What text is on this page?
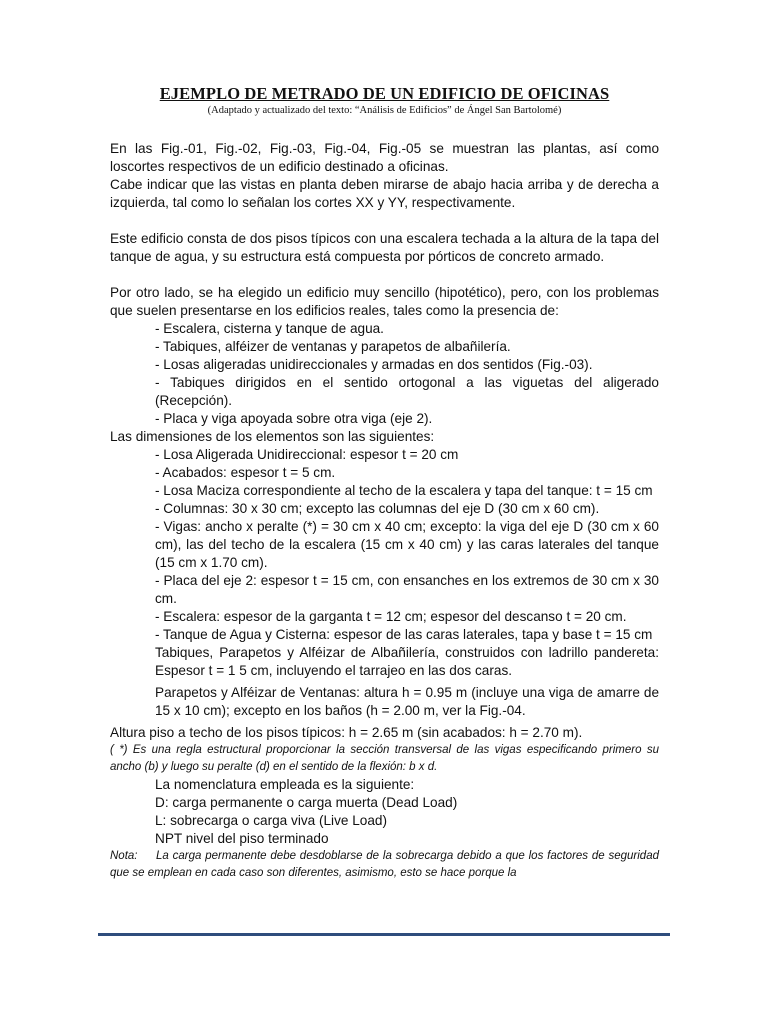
EJEMPLO DE METRADO DE UN EDIFICIO DE OFICINAS

(Adaptado y actualizado del texto: “Análisis de Edificios” de Ángel San Bartolomé)

En las Fig.-01, Fig.-02, Fig.-03, Fig.-04, Fig.-05 se muestran las plantas, así como loscortes respectivos de un edificio destinado a oficinas.

Cabe indicar que las vistas en planta deben mirarse de abajo hacia arriba y de derecha a izquierda, tal como lo señalan los cortes XX y YY, respectivamente.

Este edificio consta de dos pisos típicos con una escalera techada a la altura de la tapa del tanque de agua, y su estructura está compuesta por pórticos de concreto armado.

Por otro lado, se ha elegido un edificio muy sencillo (hipotético), pero, con los problemas que suelen presentarse en los edificios reales, tales como la presencia de:

- Escalera, cisterna y tanque de agua.

- Tabiques, alféizer de ventanas y parapetos de albañilería.

- Losas aligeradas unidireccionales y armadas en dos sentidos (Fig.-03).

- Tabiques dirigidos en el sentido ortogonal a las viguetas del aligerado (Recepción).

- Placa y viga apoyada sobre otra viga (eje 2).

Las dimensiones de los elementos son las siguientes:

- Losa Aligerada Unidireccional: espesor t = 20 cm

- Acabados: espesor t = 5 cm.

- Losa Maciza correspondiente al techo de la escalera y tapa del tanque: t = 15 cm

- Columnas: 30 x 30 cm; excepto las columnas del eje D (30 cm x 60 cm).

- Vigas: ancho x peralte (*) = 30 cm x 40 cm; excepto: la viga del eje D (30 cm x 60 cm), las del techo de la escalera (15 cm x 40 cm) y las caras laterales del tanque (15 cm x 1.70 cm).

- Placa del eje 2: espesor t = 15 cm, con ensanches en los extremos de 30 cm x 30 cm.

- Escalera: espesor de la garganta t = 12 cm; espesor del descanso t = 20 cm.

- Tanque de Agua y Cisterna: espesor de las caras laterales, tapa y base t = 15 cm

Tabiques, Parapetos y Alféizar de Albañilería, construidos con ladrillo pandereta: Espesor t = 1 5 cm, incluyendo el tarrajeo en las dos caras.

Parapetos y Alféizar de Ventanas: altura h = 0.95 m (incluye una viga de amarre de 15 x 10 cm); excepto en los baños (h = 2.00 m, ver la Fig.-04.

Altura piso a techo de los pisos típicos: h = 2.65 m (sin acabados: h = 2.70 m).

( *) Es una regla estructural proporcionar la sección transversal de las vigas especificando primero su ancho (b) y luego su peralte (d) en el sentido de la flexión: b x d.

La nomenclatura empleada es la siguiente:

D: carga permanente o carga muerta (Dead Load)

L: sobrecarga o carga viva (Live Load)

NPT nivel del piso terminado

Nota: La carga permanente debe desdoblarse de la sobrecarga debido a que los factores de seguridad que se emplean en cada caso son diferentes, asimismo, esto se hace porque la
